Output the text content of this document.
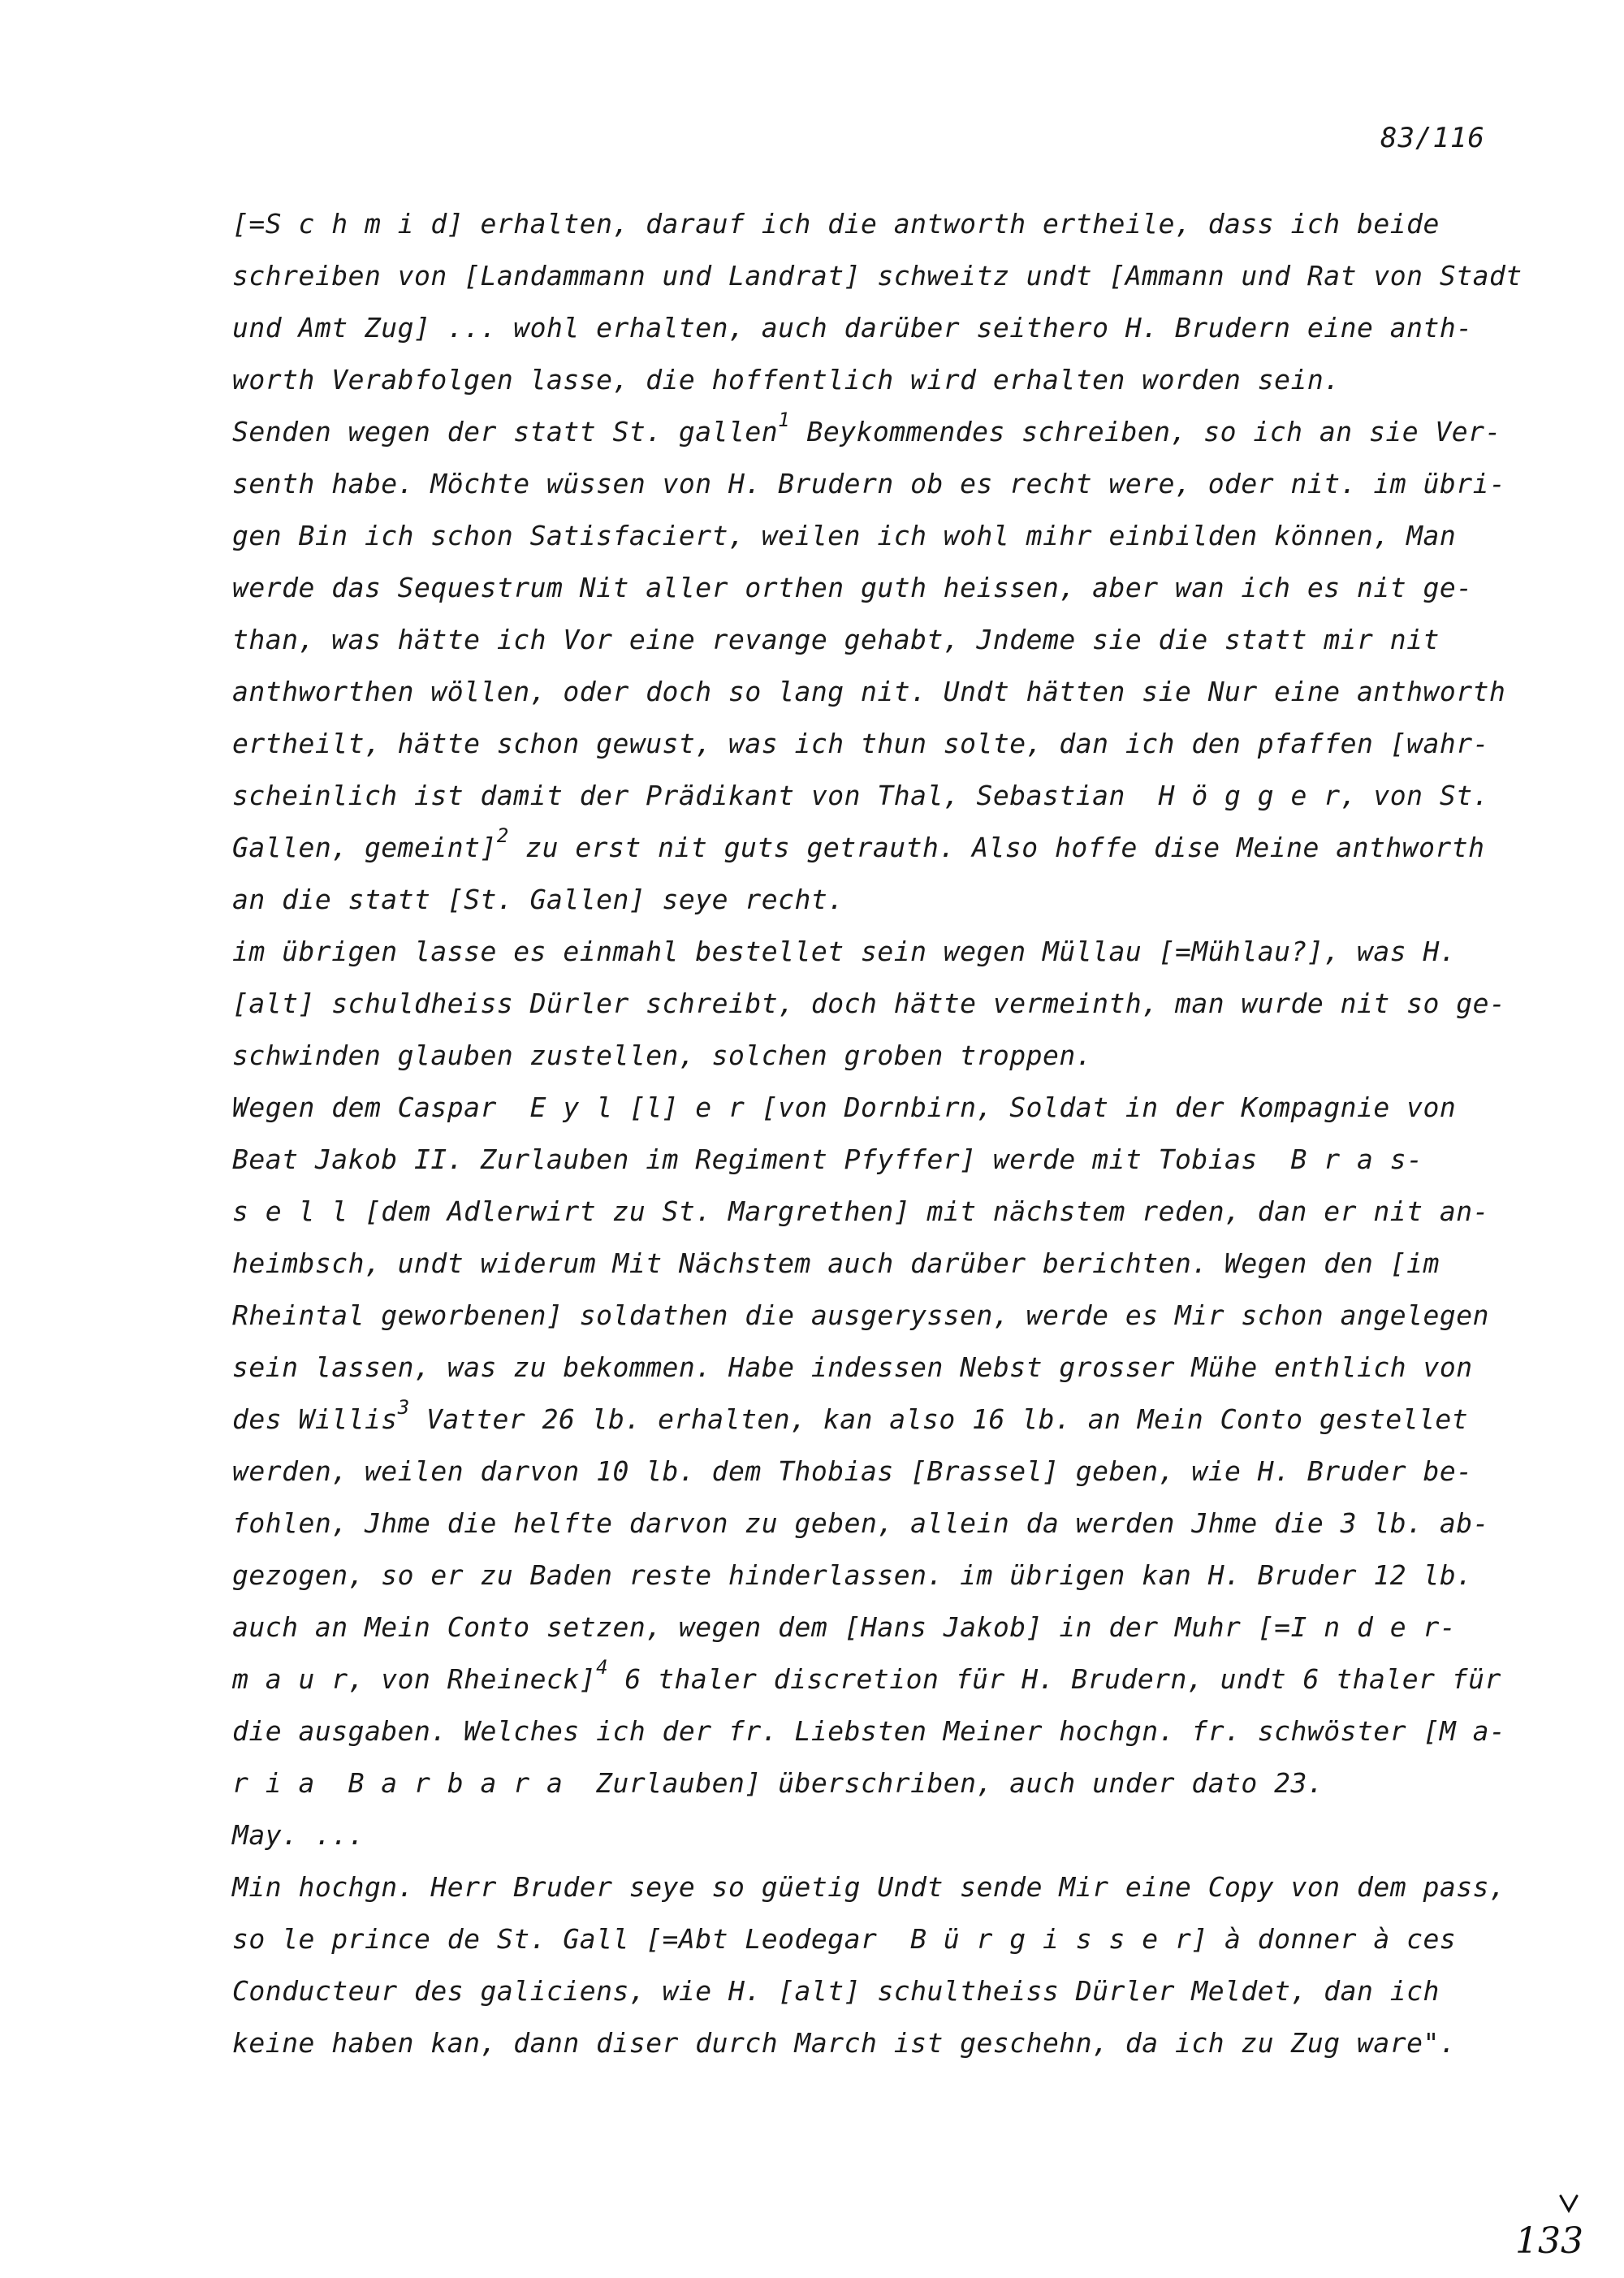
83/116
[=S c h m i d] erhalten, darauf ich die antworth ertheile, dass ich beide
schreiben von [Landammann und Landrat] schweitz undt [Ammann und Rat von Stadt
und Amt Zug] ... wohl erhalten, auch darüber seithero H. Brudern eine anth-
worth Verabfolgen lasse, die hoffentlich wird erhalten worden sein.
Senden wegen der statt St. gallen$^1$ Beykommendes schreiben, so ich an sie Ver-
senth habe. Möchte wüssen von H. Brudern ob es recht were, oder nit. im übri-
gen Bin ich schon Satisfaciert, weilen ich wohl mihr einbilden können, Man
werde das Sequestrum Nit aller orthen guth heissen, aber wan ich es nit ge-
than, was hätte ich Vor eine revange gehabt, Jndeme sie die statt mir nit
anthworthen wöllen, oder doch so lang nit. Undt hätten sie Nur eine anthworth
ertheilt, hätte schon gewust, was ich thun solte, dan ich den pfaffen [wahr-
scheinlich ist damit der Prädikant von Thal, Sebastian  H ö g g e r, von St.
Gallen, gemeint]$^2$ zu erst nit guts getrauth. Also hoffe dise Meine anthworth
an die statt [St. Gallen] seye recht.
im übrigen lasse es einmahl bestellet sein wegen Müllau [=Mühlau?], was H.
[alt] schuldheiss Dürler schreibt, doch hätte vermeinth, man wurde nit so ge-
schwinden glauben zustellen, solchen groben troppen.
Wegen dem Caspar  E y l [l] e r [von Dornbirn, Soldat in der Kompagnie von
Beat Jakob II. Zurlauben im Regiment Pfyffer] werde mit Tobias  B r a s-
s e l l [dem Adlerwirt zu St. Margrethen] mit nächstem reden, dan er nit an-
heimbsch, undt widerum Mit Nächstem auch darüber berichten. Wegen den [im
Rheintal geworbenen] soldathen die ausgeryssen, werde es Mir schon angelegen
sein lassen, was zu bekommen. Habe indessen Nebst grosser Mühe enthlich von
des Willis$^3$ Vatter 26 lb. erhalten, kan also 16 lb. an Mein Conto gestellet
werden, weilen darvon 10 lb. dem Thobias [Brassel] geben, wie H. Bruder be-
fohlen, Jhme die helfte darvon zu geben, allein da werden Jhme die 3 lb. ab-
gezogen, so er zu Baden reste hinderlassen. im übrigen kan H. Bruder 12 lb.
auch an Mein Conto setzen, wegen dem [Hans Jakob] in der Muhr [=I n d e r-
m a u r, von Rheineck]$^4$ 6 thaler discretion für H. Brudern, undt 6 thaler für
die ausgaben. Welches ich der fr. Liebsten Meiner hochgn. fr. schwöster [M a-
r i a  B a r b a r a  Zurlauben] überschriben, auch under dato 23.
May. ...
Min hochgn. Herr Bruder seye so güetig Undt sende Mir eine Copy von dem pass,
so le prince de St. Gall [=Abt Leodegar  B ü r g i s s e r] à donner à ces
Conducteur des galiciens, wie H. [alt] schultheiss Dürler Meldet, dan ich
keine haben kan, dann diser durch March ist geschehn, da ich zu Zug ware".
133
